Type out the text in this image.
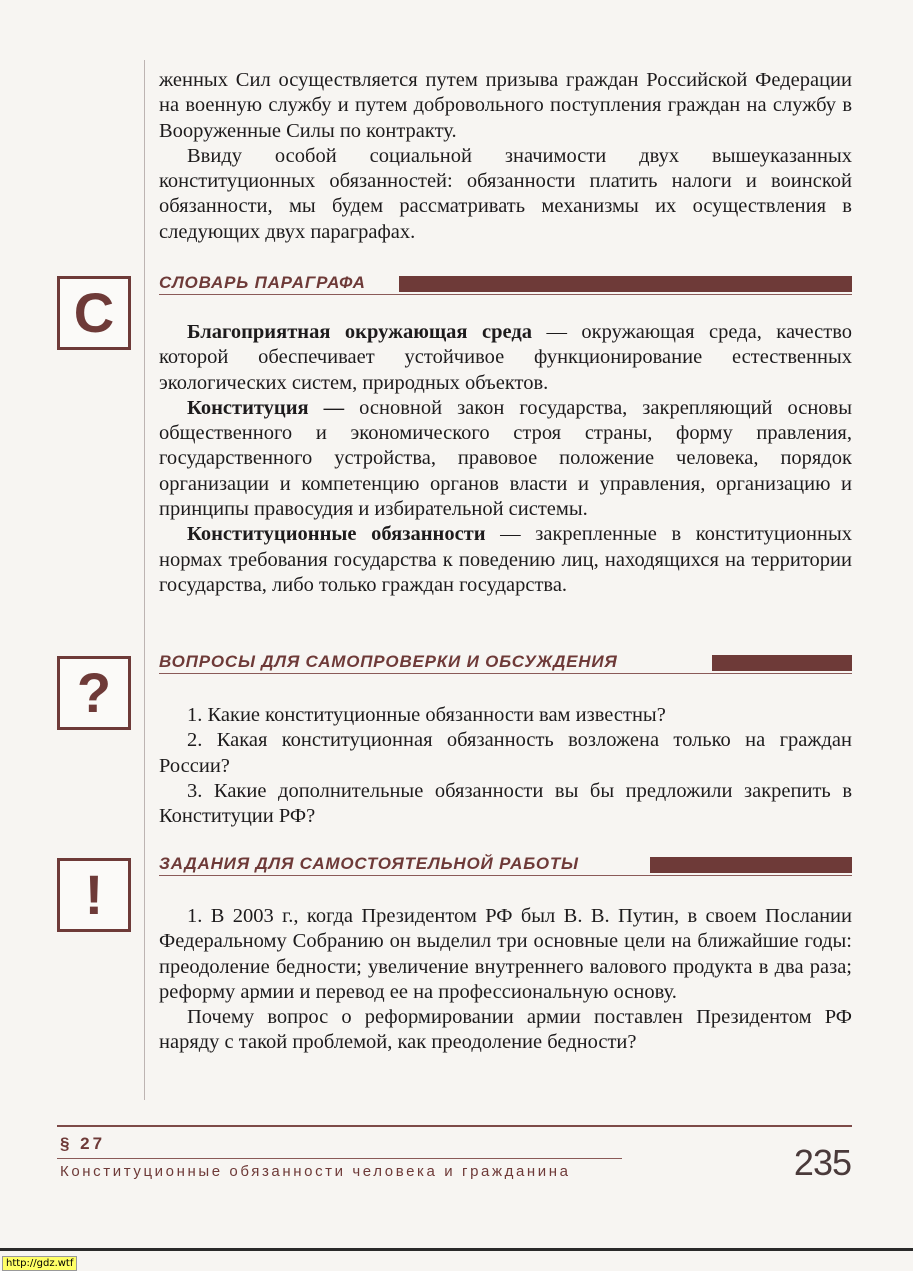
женных Сил осуществляется путем призыва граждан Российской Федерации на военную службу и путем добровольного поступления граждан на службу в Вооруженные Силы по контракту.

Ввиду особой социальной значимости двух вышеуказанных конституционных обязанностей: обязанности платить налоги и воинской обязанности, мы будем рассматривать механизмы их осуществления в следующих двух параграфах.

С	СЛОВАРЬ ПАРАГРАФА

Благоприятная окружающая среда — окружающая среда, качество которой обеспечивает устойчивое функционирование естественных экологических систем, природных объектов.

Конституция — основной закон государства, закрепляющий основы общественного и экономического строя страны, форму правления, государственного устройства, правовое положение человека, порядок организации и компетенцию органов власти и управления, организацию и принципы правосудия и избирательной системы.

Конституционные обязанности — закрепленные в конституционных нормах требования государства к поведению лиц, находящихся на территории государства, либо только граждан государства.

?	ВОПРОСЫ ДЛЯ САМОПРОВЕРКИ И ОБСУЖДЕНИЯ

1. Какие конституционные обязанности вам известны?

2. Какая конституционная обязанность возложена только на граждан России?

3. Какие дополнительные обязанности вы бы предложили закрепить в Конституции РФ?

!	ЗАДАНИЯ ДЛЯ САМОСТОЯТЕЛЬНОЙ РАБОТЫ

1. В 2003 г., когда Президентом РФ был В. В. Путин, в своем Послании Федеральному Собранию он выделил три основные цели на ближайшие годы: преодоление бедности; увеличение внутреннего валового продукта в два раза; реформу армии и перевод ее на профессиональную основу.

Почему вопрос о реформировании армии поставлен Президентом РФ наряду с такой проблемой, как преодоление бедности?

§ 27
Конституционные обязанности человека и гражданина	235
http://gdz.wtf
